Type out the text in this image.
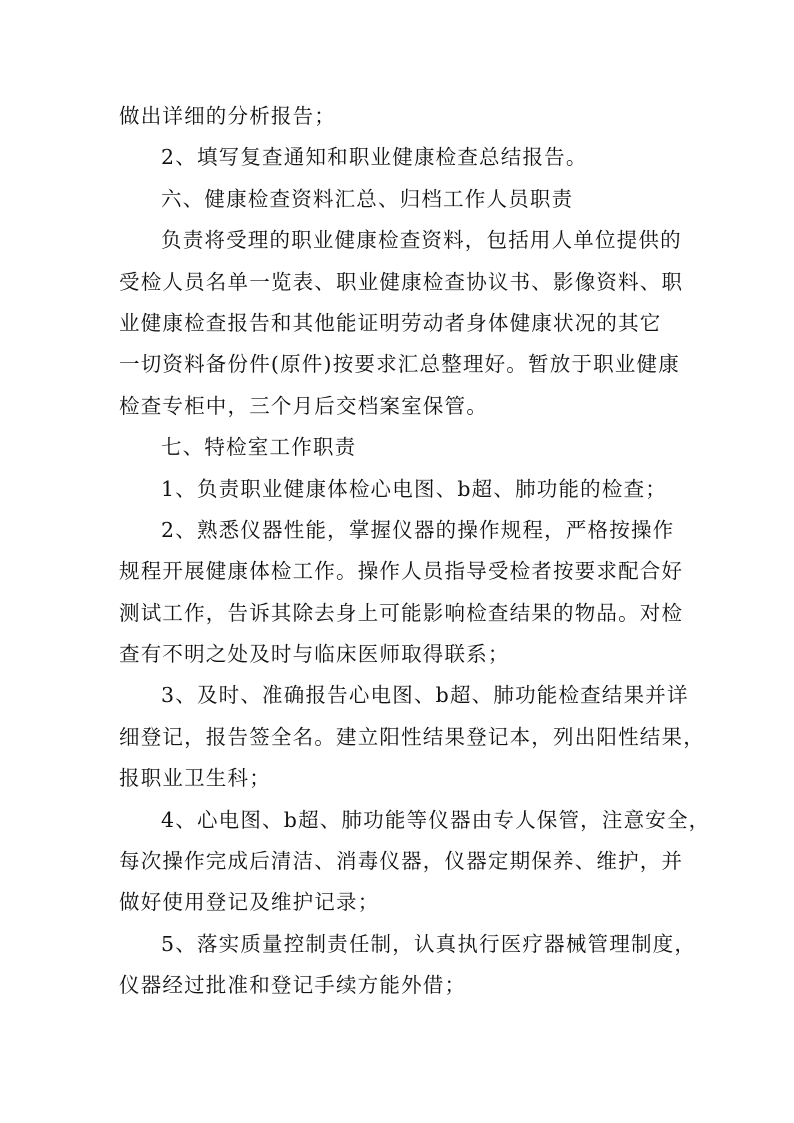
做出详细的分析报告；
2、填写复查通知和职业健康检查总结报告。
六、健康检查资料汇总、归档工作人员职责
负责将受理的职业健康检查资料，包括用人单位提供的
受检人员名单一览表、职业健康检查协议书、影像资料、职
业健康检查报告和其他能证明劳动者身体健康状况的其它
一切资料备份件(原件)按要求汇总整理好。暂放于职业健康
检查专柜中，三个月后交档案室保管。
七、特检室工作职责
1、负责职业健康体检心电图、b超、肺功能的检查；
2、熟悉仪器性能，掌握仪器的操作规程，严格按操作
规程开展健康体检工作。操作人员指导受检者按要求配合好
测试工作，告诉其除去身上可能影响检查结果的物品。对检
查有不明之处及时与临床医师取得联系；
3、及时、准确报告心电图、b超、肺功能检查结果并详
细登记，报告签全名。建立阳性结果登记本，列出阳性结果，
报职业卫生科；
4、心电图、b超、肺功能等仪器由专人保管，注意安全，
每次操作完成后清洁、消毒仪器，仪器定期保养、维护，并
做好使用登记及维护记录；
5、落实质量控制责任制，认真执行医疗器械管理制度，
仪器经过批准和登记手续方能外借；
